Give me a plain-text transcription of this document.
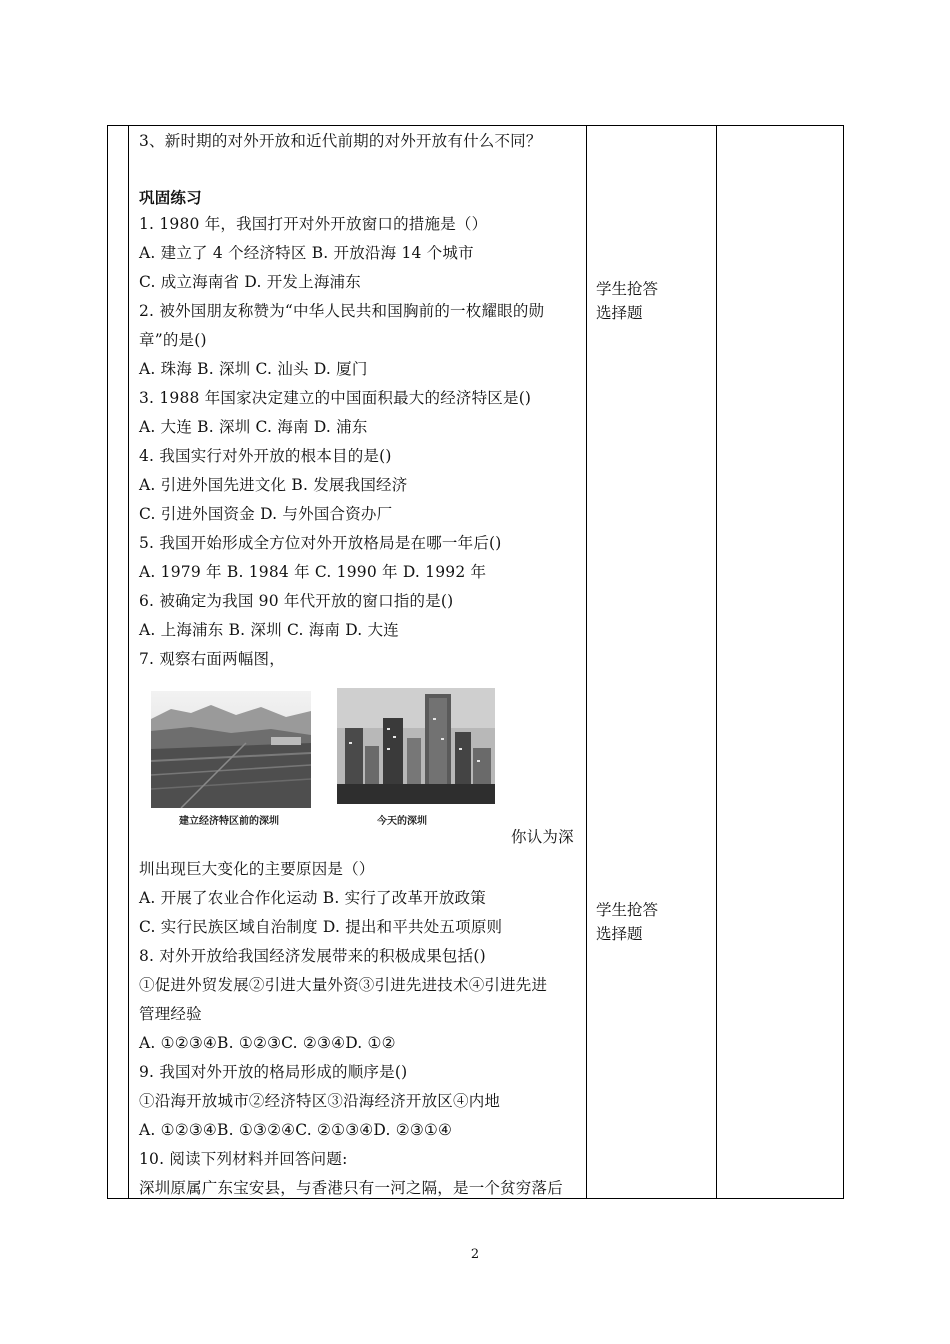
3、新时期的对外开放和近代前期的对外开放有什么不同？
巩固练习
1. 1980 年，我国打开对外开放窗口的措施是（）
A. 建立了 4 个经济特区 B. 开放沿海 14 个城市
C. 成立海南省 D. 开发上海浦东
2. 被外国朋友称赞为“中华人民共和国胸前的一枚耀眼的勋
章”的是()
A. 珠海 B. 深圳 C. 汕头 D. 厦门
3. 1988 年国家决定建立的中国面积最大的经济特区是()
A. 大连 B. 深圳 C. 海南 D. 浦东
4. 我国实行对外开放的根本目的是()
A. 引进外国先进文化 B. 发展我国经济
C. 引进外国资金 D. 与外国合资办厂
5. 我国开始形成全方位对外开放格局是在哪一年后()
A. 1979 年 B. 1984 年 C. 1990 年 D. 1992 年
6. 被确定为我国 90 年代开放的窗口指的是()
A. 上海浦东 B. 深圳 C. 海南 D. 大连
7. 观察右面两幅图，
建立经济特区前的深圳	今天的深圳
你认为深
圳出现巨大变化的主要原因是（）
A. 开展了农业合作化运动 B. 实行了改革开放政策
C. 实行民族区域自治制度 D. 提出和平共处五项原则
8. 对外开放给我国经济发展带来的积极成果包括()
①促进外贸发展②引进大量外资③引进先进技术④引进先进
管理经验
A. ①②③④B. ①②③C. ②③④D. ①②
9. 我国对外开放的格局形成的顺序是()
①沿海开放城市②经济特区③沿海经济开放区④内地
A. ①②③④B. ①③②④C. ②①③④D. ②③①④
10. 阅读下列材料并回答问题:
深圳原属广东宝安县，与香港只有一河之隔，是一个贫穷落后
学生抢答
选择题
学生抢答
选择题
2
